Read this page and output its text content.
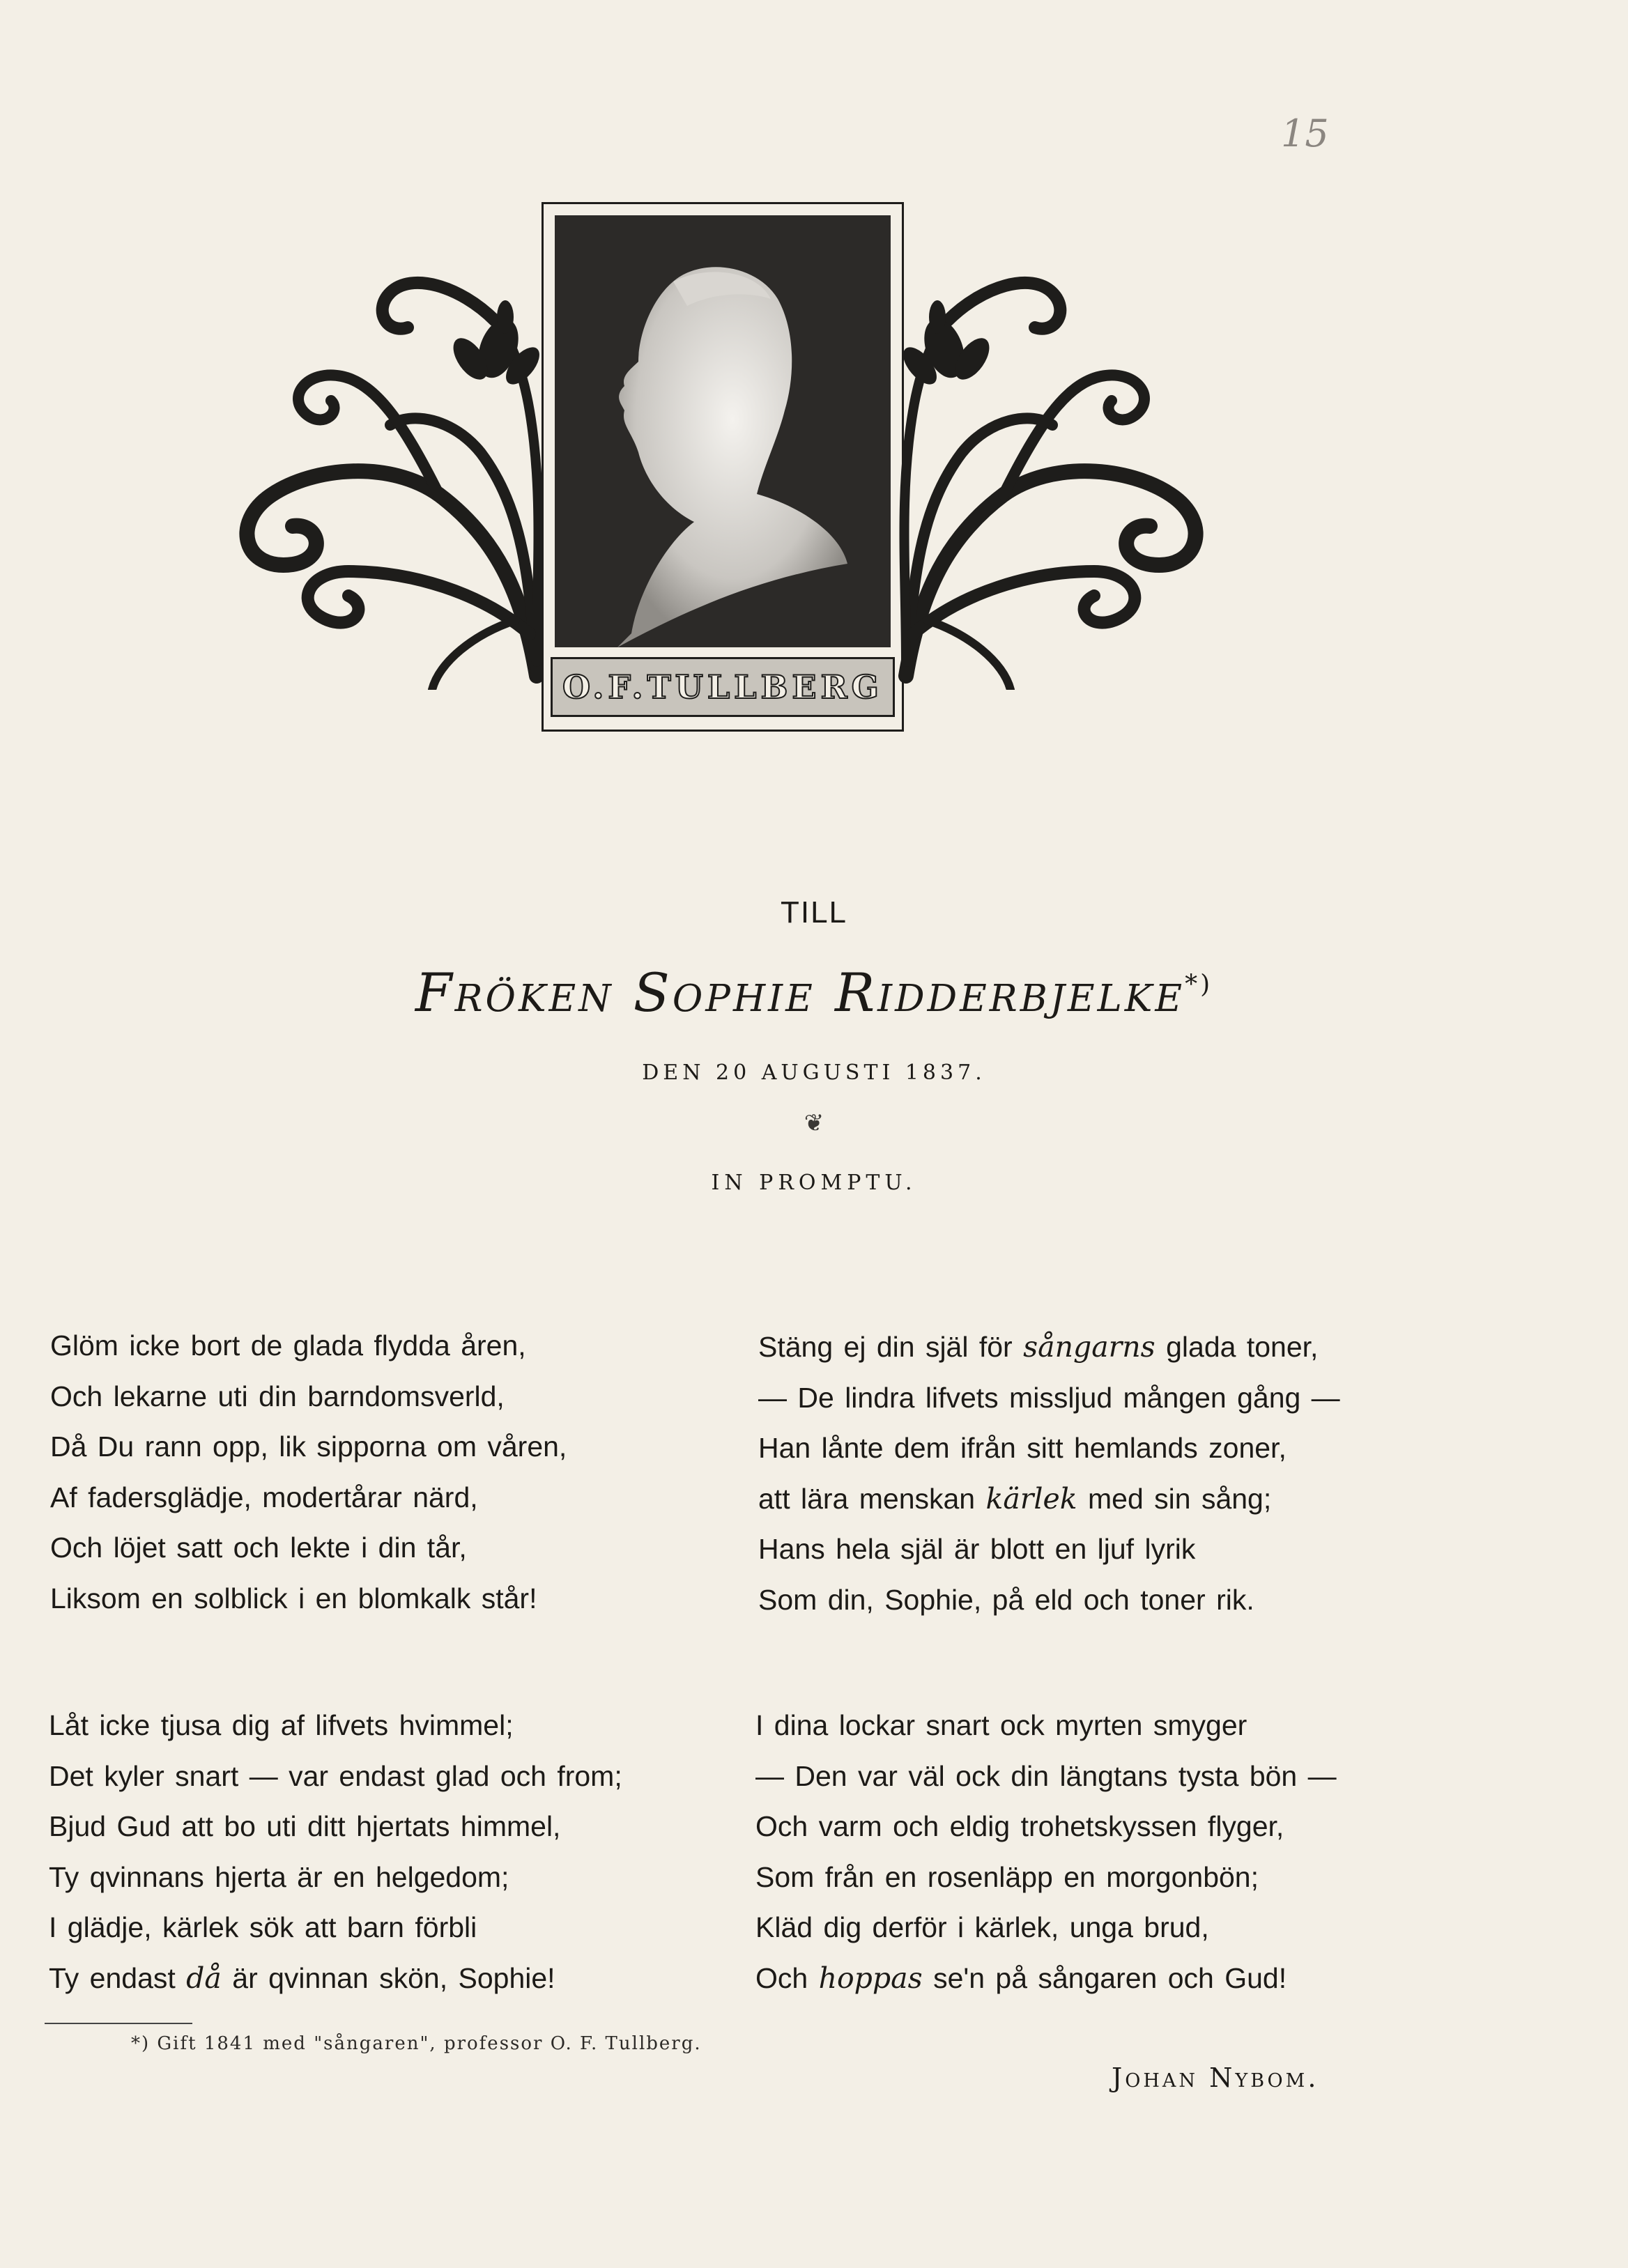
15
O.F.TULLBERG
TILL
Fröken Sophie Ridderbjelke*)
DEN 20 AUGUSTI 1837.
❦
IN PROMPTU.
Glöm icke bort de glada flydda åren,
Och lekarne uti din barndomsverld,
Då Du rann opp, lik sipporna om våren,
Af fadersglädje, modertårar närd,
Och löjet satt och lekte i din tår,
Liksom en solblick i en blomkalk står!
Stäng ej din själ för sångarns glada toner,
— De lindra lifvets missljud mången gång —
Han lånte dem ifrån sitt hemlands zoner,
att lära menskan kärlek med sin sång;
Hans hela själ är blott en ljuf lyrik
Som din, Sophie, på eld och toner rik.
Låt icke tjusa dig af lifvets hvimmel;
Det kyler snart — var endast glad och from;
Bjud Gud att bo uti ditt hjertats himmel,
Ty qvinnans hjerta är en helgedom;
I glädje, kärlek sök att barn förbli
Ty endast då är qvinnan skön, Sophie!
I dina lockar snart ock myrten smyger
— Den var väl ock din längtans tysta bön —
Och varm och eldig trohetskyssen flyger,
Som från en rosenläpp en morgonbön;
Kläd dig derför i kärlek, unga brud,
Och hoppas se'n på sångaren och Gud!
*) Gift 1841 med "sångaren", professor O. F. Tullberg.
Johan Nybom.
